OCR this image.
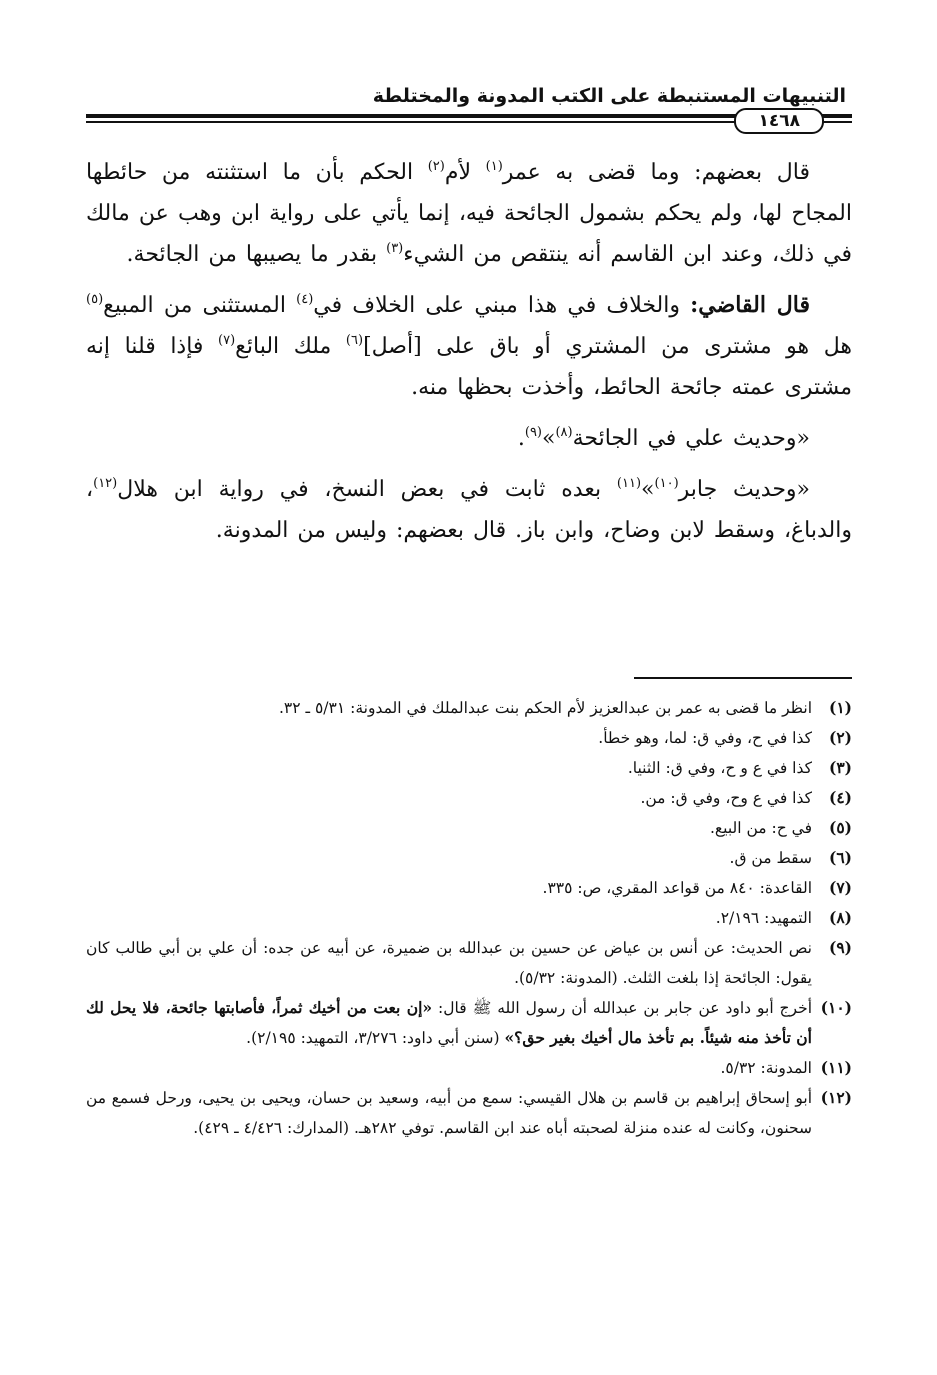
التنبيهات المستنبطة على الكتب المدونة والمختلطة
١٤٦٨

قال بعضهم: وما قضى به عمر$^{(١)}$ لأم$^{(٢)}$ الحكم بأن ما استثنته من حائطها المجاح لها، ولم يحكم بشمول الجائحة فيه، إنما يأتي على رواية ابن وهب عن مالك في ذلك، وعند ابن القاسم أنه ينتقص من الشيء$^{(٣)}$ بقدر ما يصيبها من الجائحة.

قال القاضي: والخلاف في هذا مبني على الخلاف في$^{(٤)}$ المستثنى من المبيع$^{(٥)}$ هل هو مشترى من المشتري أو باق على [أصل]$^{(٦)}$ ملك البائع$^{(٧)}$ فإذا قلنا إنه مشترى عمته جائحة الحائط، وأخذت بحظها منه.

«وحديث علي في الجائحة$^{(٨)}$»$^{(٩)}$.

«وحديث جابر$^{(١٠)}$»$^{(١١)}$ بعده ثابت في بعض النسخ، في رواية ابن هلال$^{(١٢)}$، والدباغ، وسقط لابن وضاح، وابن باز. قال بعضهم: وليس من المدونة.

(١)
انظر ما قضى به عمر بن عبدالعزيز لأم الحكم بنت عبدالملك في المدونة: ٥/٣١ ـ ٣٢.
(٢)
كذا في ح، وفي ق: لما، وهو خطأ.
(٣)
كذا في ع و ح، وفي ق: الثنيا.
(٤)
كذا في ع وح، وفي ق: من.
(٥)
في ح: من البيع.
(٦)
سقط من ق.
(٧)
القاعدة: ٨٤٠ من قواعد المقري، ص: ٣٣٥.
(٨)
التمهيد: ٢/١٩٦.
(٩)
نص الحديث: عن أنس بن عياض عن حسين بن عبدالله بن ضميرة، عن أبيه عن جده: أن علي بن أبي طالب كان يقول: الجائحة إذا بلغت الثلث. (المدونة: ٥/٣٢).
(١٠)
أخرج أبو داود عن جابر بن عبدالله أن رسول الله ﷺ قال: «إن بعت من أخيك ثمراً، فأصابتها جائحة، فلا يحل لك أن تأخذ منه شيئاً. بم تأخذ مال أخيك بغير حق؟» (سنن أبي داود: ٣/٢٧٦، التمهيد: ٢/١٩٥).
(١١)
المدونة: ٥/٣٢.
(١٢)
أبو إسحاق إبراهيم بن قاسم بن هلال القيسي: سمع من أبيه، وسعيد بن حسان، ويحيى بن يحيى، ورحل فسمع من سحنون، وكانت له عنده منزلة لصحبته أباه عند ابن القاسم. توفي ٢٨٢هـ. (المدارك: ٤/٤٢٦ ـ ٤٢٩).
